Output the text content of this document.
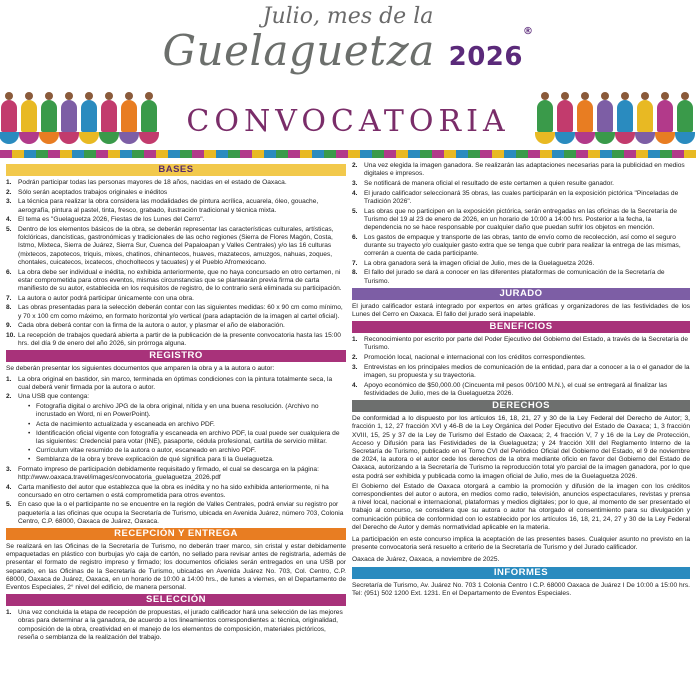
Julio, mes de la
Guelaguetza 2026®
CONVOCATORIA
BASES
1. Podrán participar todas las personas mayores de 18 años, nacidas en el estado de Oaxaca.
2. Sólo serán aceptados trabajos originales e inéditos
3. La técnica para realizar la obra considera las modalidades de pintura acrílica, acuarela, óleo, gouache, aerografía, pintura al pastel, tinta, fresco, grabado, ilustración tradicional y técnica mixta.
4. El tema es "Guelaguetza 2026, Fiestas de los Lunes del Cerro".
5. Dentro de los elementos básicos de la obra, se deberán representar las características culturales, artísticas, folclóricas, dancísticas, gastronómicas y tradicionales de las ocho regiones (Sierra de Flores Magón, Costa, Istmo, Mixteca, Sierra de Juárez, Sierra Sur, Cuenca del Papaloapan y Valles Centrales) y/o las 16 culturas (mixtecos, zapotecos, triquis, mixes, chatinos, chinantecos, huaves, mazatecos, amuzgos, nahuas, zoques, chontales, cuicatecos, ixcatecos, chocholtecos y tacuates) y el Pueblo Afromexicano.
6. La obra debe ser individual e inédita, no exhibida anteriormente, que no haya concursado en otro certamen, ni estar comprometida para otros eventos, mismas circunstancias que se plantearán previa firma de carta manifiesto de su autor, establecida en los requisitos de registro, de lo contrario será eliminada su participación.
7. La autora o autor podrá participar únicamente con una obra.
8. Las obras presentadas para la selección deberán contar con las siguientes medidas: 60 x 90 cm como mínimo, y 70 x 100 cm como máximo, en formato horizontal y/o vertical (para adaptación de la imagen al cartel oficial).
9. Cada obra deberá contar con la firma de la autora o autor, y plasmar el año de elaboración.
10. La recepción de trabajos quedará abierta a partir de la publicación de la presente convocatoria hasta las 15:00 hrs. del día 9 de enero del año 2026, sin prórroga alguna.
REGISTRO
Se deberán presentar los siguientes documentos que amparen la obra y a la autora o autor:
1. La obra original en bastidor, sin marco, terminada en óptimas condiciones con la pintura totalmente seca, la cual deberá venir firmada por la autora o autor.
2. Una USB que contenga:
• Fotografía digital o archivo JPG de la obra original, nítida y en una buena resolución. (Archivo no incrustado en Word, ni en PowerPoint).
• Acta de nacimiento actualizada y escaneada en archivo PDF.
• Identificación oficial vigente con fotografía y escaneada en archivo PDF, la cual puede ser cualquiera de las siguientes: Credencial para votar (INE), pasaporte, cédula profesional, cartilla de servicio militar.
• Currículum vitae resumido de la autora o autor, escaneado en archivo PDF.
• Semblanza de la obra y breve explicación de qué significa para ti la Guelaguetza.
3. Formato impreso de participación debidamente requisitado y firmado, el cual se descarga en la página: http://www.oaxaca.travel/images/convocatoria_guelaguetza_2026.pdf
4. Carta manifiesto del autor que establezca que la obra es inédita y no ha sido exhibida anteriormente, ni ha concursado en otro certamen o está comprometida para otros eventos.
5. En caso que la o el participante no se encuentre en la región de Valles Centrales, podrá enviar su registro por paquetería a las oficinas que ocupa la Secretaría de Turismo, ubicada en Avenida Juárez, número 703, Colonia Centro, C.P. 68000, Oaxaca de Juárez, Oaxaca.
RECEPCIÓN Y ENTREGA
Se realizará en las Oficinas de la Secretaría de Turismo, no deberán traer marco, sin cristal y estar debidamente empaquetadas en plástico con burbujas y/o caja de cartón, no sellado para revisar antes de registrarla, además de presentar el formato de registro impreso y firmado; los documentos oficiales serán entregados en una USB por separado, en las Oficinas de la Secretaría de Turismo, ubicadas en Avenida Juárez No. 703, Col. Centro, C.P. 68000, Oaxaca de Juárez, Oaxaca, en un horario de 10:00 a 14:00 hrs., de lunes a viernes, en el Departamento de Eventos Especiales, 2° nivel del edificio, de manera personal.
SELECCIÓN
1. Una vez concluida la etapa de recepción de propuestas, el jurado calificador hará una selección de las mejores obras para determinar a la ganadora, de acuerdo a los lineamientos correspondientes a: técnica, originalidad, composición de la obra, creatividad en el manejo de los elementos de composición, materiales pictóricos, reseña o semblanza de la realización del trabajo.
2. Una vez elegida la imagen ganadora. Se realizarán las adaptaciones necesarias para la publicidad en medios digitales e impresos.
3. Se notificará de manera oficial el resultado de este certamen a quien resulte ganador.
4. El jurado calificador seleccionará 35 obras, las cuales participarán en la exposición pictórica "Pinceladas de Tradición 2026".
5. Las obras que no participen en la exposición pictórica, serán entregadas en las oficinas de la Secretaría de Turismo del 19 al 23 de enero de 2026, en un horario de 10:00 a 14:00 hrs. Posterior a la fecha, la dependencia no se hace responsable por cualquier daño que puedan sufrir los objetos en mención.
6. Los gastos de empaque y transporte de las obras, tanto de envío como de recolección, así como el seguro durante su trayecto y/o cualquier gasto extra que se tenga que cubrir para realizar la entrega de las mismas, correrán a cuenta de cada participante.
7. La obra ganadora será la imagen oficial de Julio, mes de la Guelaguetza 2026.
8. El fallo del jurado se dará a conocer en las diferentes plataformas de comunicación de la Secretaría de Turismo.
JURADO
El jurado calificador estará integrado por expertos en artes gráficas y organizadores de las festividades de los Lunes del Cerro en Oaxaca. El fallo del jurado será inapelable.
BENEFICIOS
1. Reconocimiento por escrito por parte del Poder Ejecutivo del Gobierno del Estado, a través de la Secretaría de Turismo.
2. Promoción local, nacional e internacional con los créditos correspondientes.
3. Entrevistas en los principales medios de comunicación de la entidad, para dar a conocer a la o el ganador de la imagen, su propuesta y su trayectoria.
4. Apoyo económico de $50,000.00 (Cincuenta mil pesos 00/100 M.N.), el cual se entregará al finalizar las festividades de Julio, mes de la Guelaguetza 2026.
DERECHOS
De conformidad a lo dispuesto por los artículos 16, 18, 21, 27 y 30 de la Ley Federal del Derecho de Autor; 3, fracción 1, 12, 27 fracción XVI y 46-B de la Ley Orgánica del Poder Ejecutivo del Estado de Oaxaca; 1, 3 fracción XVIII, 15, 25 y 37 de la Ley de Turismo del Estado de Oaxaca; 2, 4 fracción V, 7 y 16 de la Ley de Protección, Acceso y Difusión para las Festividades de la Guelaguetza; y 24 fracción XIII del Reglamento Interno de la Secretaría de Turismo, publicado en el Tomo CVI del Periódico Oficial del Gobierno del Estado, el 9 de noviembre de 2024, la autora o el autor cede los derechos de la obra mediante oficio en favor del Gobierno del Estado de Oaxaca, autorizando a la Secretaría de Turismo la reproducción total y/o parcial de la imagen ganadora, por lo que esta podrá ser exhibida y publicada como la imagen oficial de Julio, mes de la Guelaguetza 2026.
El Gobierno del Estado de Oaxaca otorgará a cambio la promoción y difusión de la imagen con los créditos correspondientes del autor o autora, en medios como radio, televisión, anuncios espectaculares, revistas y prensa a nivel local, nacional e internacional, plataformas y medios digitales; por lo que, al momento de ser presentado el trabajo al concurso, se considera que su autora o autor ha otorgado el consentimiento para su divulgación y comunicación pública de conformidad con lo establecido por los artículos 16, 18, 21, 24, 27 y 30 de la Ley Federal del Derecho de Autor y demás normatividad aplicable en la materia.
La participación en este concurso implica la aceptación de las presentes bases. Cualquier asunto no previsto en la presente convocatoria será resuelto a criterio de la Secretaría de Turismo y del Jurado calificador.
Oaxaca de Juárez, Oaxaca, a noviembre de 2025.
INFORMES
Secretaría de Turismo, Av. Juárez No. 703 1 Colonia Centro I C.P. 68000 Oaxaca de Juárez I De 10:00 a 15:00 hrs. Tel: (951) 502 1200 Ext. 1231. En el Departamento de Eventos Especiales.
